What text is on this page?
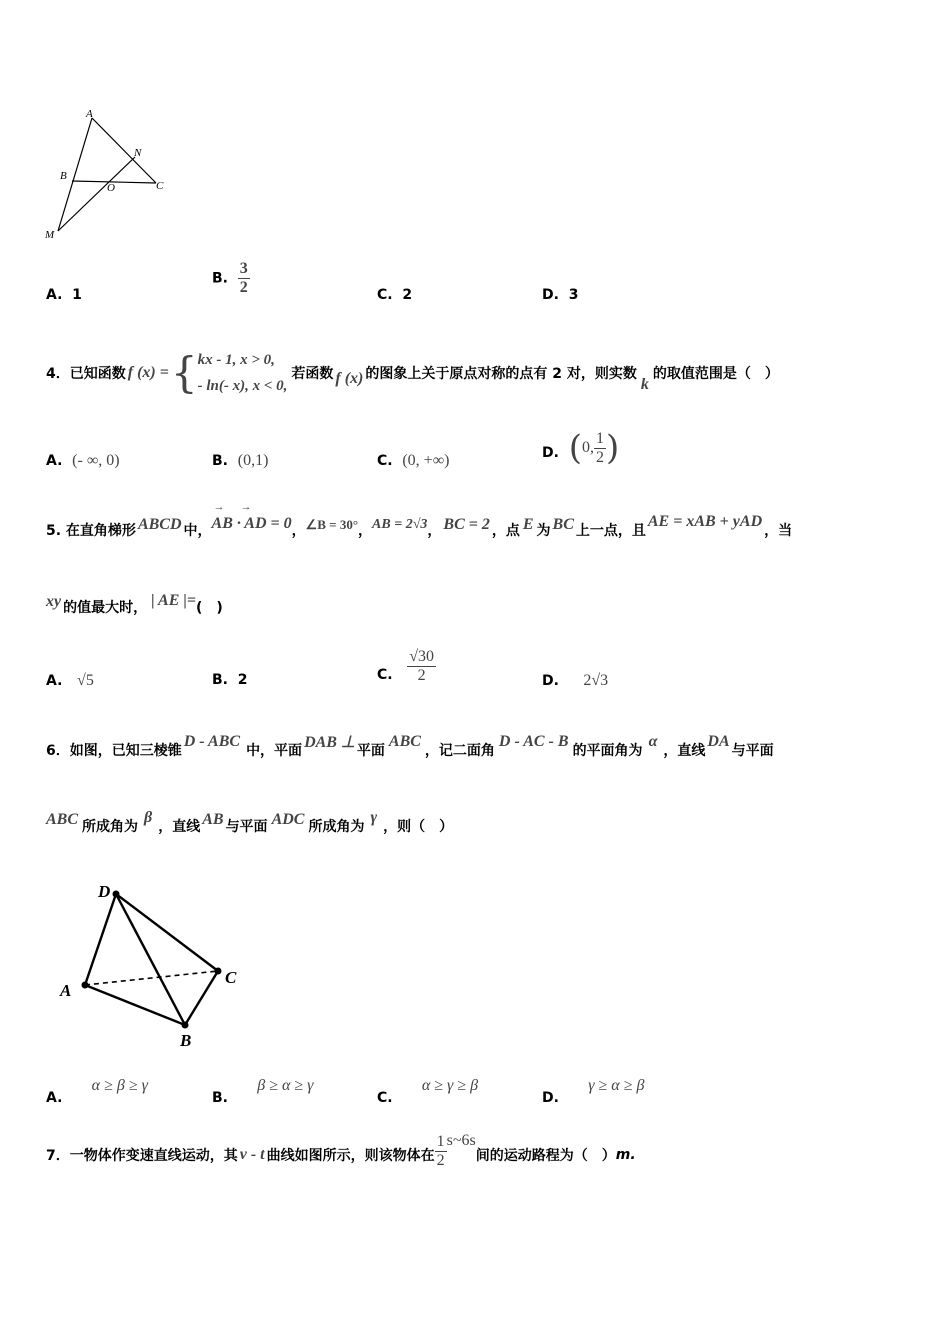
A
N
B
O	C
M
A. 1
B. $\frac{3}{2}$	C. 2	D. 3
4．已知函数 f (x) = { kx - 1, x > 0,
- ln(- x), x < 0,
若函数 f (x) 的图象上关于原点对称的点有 2 对，则实数
k
的取值范围是（　）
A. (- ∞, 0)	B. (0,1)	C. (0, +∞)	D.
( 0, $\frac{1}{2}$ )
5. 在直角梯形 ABCD 中，
→    →
AB · AD = 0 ， ∠B = 30° ， AB = 2√3 ， BC = 2 ，点 E 为 BC 上一点，且
AE = xAB + yAD
，当
xy 的值最大时， | AE |= (　)
A. √5	B. 2	C.
$\frac{√30}{2}$	D. 2√3
6．如图，已知三棱锥
D - ABC
中，平面 DAB ⊥ 平面
ABC
，记二面角
D - AC - B
的平面角为
α
，直线
DA
与平面
ABC 所成角为
β
，直线 AB 与平面 ADC 所成角为
γ
，则（　）
D
A
B
C
A.

α ≥ β ≥ γ
B.

β ≥ α ≥ γ
C.

α ≥ γ ≥ β
D.

γ ≥ α ≥ β
7．一物体作变速直线运动，其 v - t 曲线如图所示，则该物体在 $\frac{1}{2}$ s~6s
间的运动路程为（　） m.
